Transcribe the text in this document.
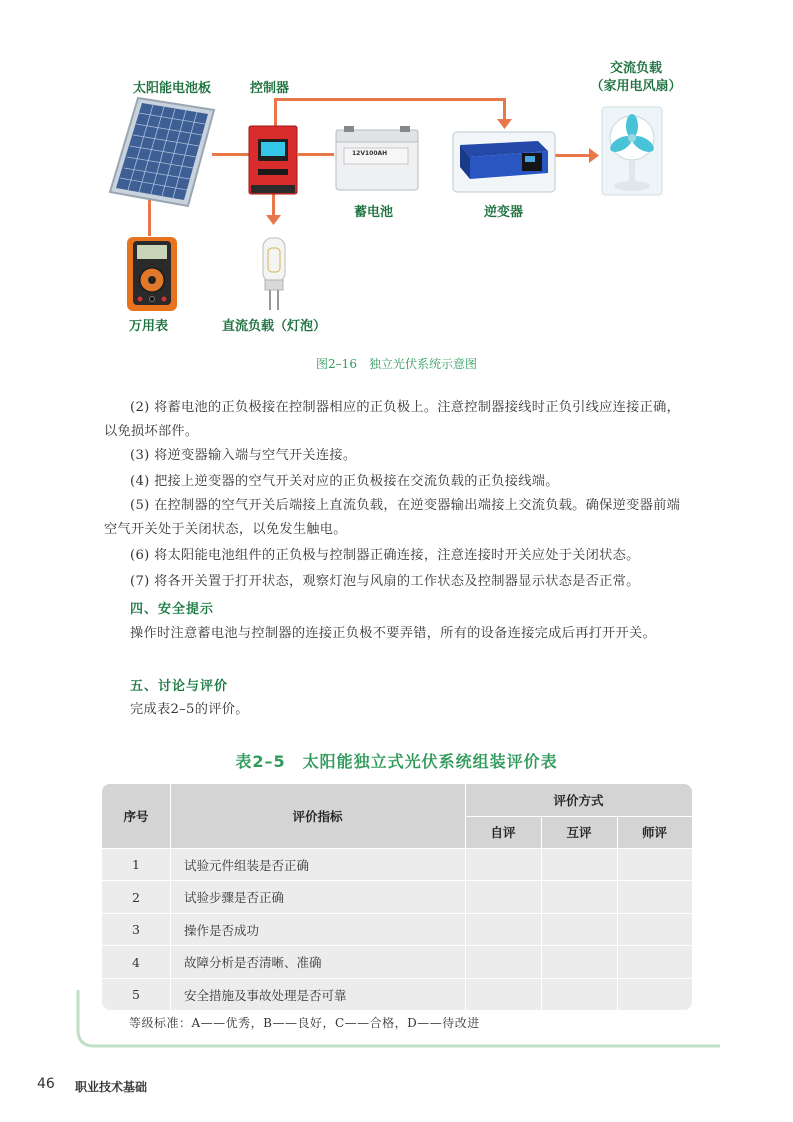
12V100AH
太阳能电池板	控制器
交流负载
（家用电风扇）
蓄电池	逆变器
万用表	直流负载（灯泡）
图2–16　独立光伏系统示意图
(2) 将蓄电池的正负极接在控制器相应的正负极上。注意控制器接线时正负引线应连接正确，以免损坏部件。
(3) 将逆变器输入端与空气开关连接。
(4) 把接上逆变器的空气开关对应的正负极接在交流负载的正负接线端。
(5) 在控制器的空气开关后端接上直流负载，在逆变器输出端接上交流负载。确保逆变器前端空气开关处于关闭状态，以免发生触电。
(6) 将太阳能电池组件的正负极与控制器正确连接，注意连接时开关应处于关闭状态。
(7) 将各开关置于打开状态，观察灯泡与风扇的工作状态及控制器显示状态是否正常。
四、安全提示
操作时注意蓄电池与控制器的连接正负极不要弄错，所有的设备连接完成后再打开开关。
五、讨论与评价
完成表2–5的评价。
表2–5　太阳能独立式光伏系统组装评价表
序号	评价指标
评价方式
自评	互评	师评
1	试验元件组装是否正确
2	试验步骤是否正确
3	操作是否成功
4	故障分析是否清晰、准确
5	安全措施及事故处理是否可靠
等级标准：A——优秀，B——良好，C——合格，D——待改进
46 职业技术基础
